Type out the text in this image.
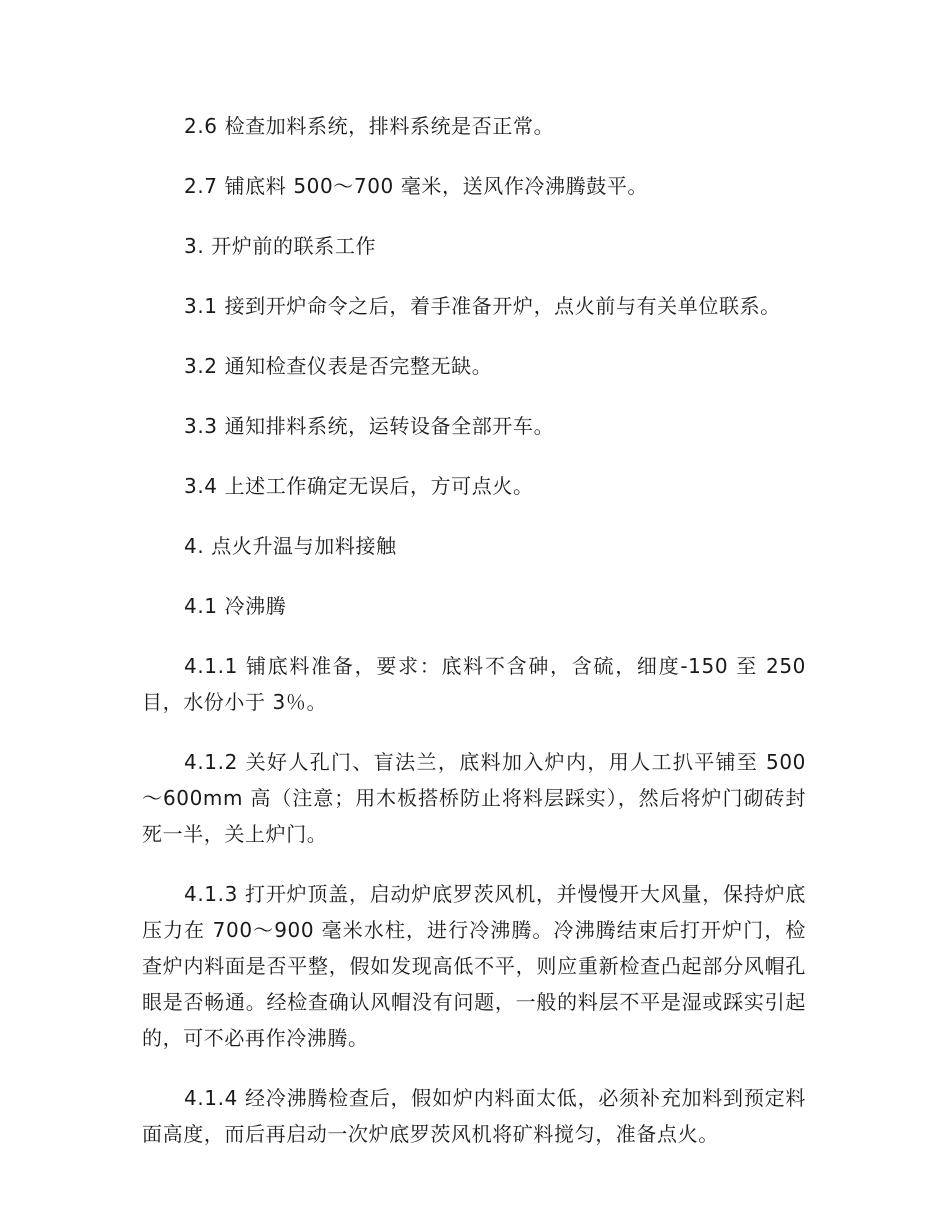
2.6 检查加料系统，排料系统是否正常。

2.7 铺底料 500～700 毫米，送风作冷沸腾鼓平。

3. 开炉前的联系工作

3.1 接到开炉命令之后，着手准备开炉，点火前与有关单位联系。

3.2 通知检查仪表是否完整无缺。

3.3 通知排料系统，运转设备全部开车。

3.4 上述工作确定无误后，方可点火。

4. 点火升温与加料接触

4.1 冷沸腾

4.1.1 铺底料准备，要求：底料不含砷，含硫，细度-150 至 250 目，水份小于 3％。

4.1.2 关好人孔门、盲法兰，底料加入炉内，用人工扒平铺至 500～600mm 高（注意；用木板搭桥防止将料层踩实），然后将炉门砌砖封死一半，关上炉门。

4.1.3 打开炉顶盖，启动炉底罗茨风机，并慢慢开大风量，保持炉底压力在 700～900 毫米水柱，进行冷沸腾。冷沸腾结束后打开炉门，检查炉内料面是否平整，假如发现高低不平，则应重新检查凸起部分风帽孔眼是否畅通。经检查确认风帽没有问题，一般的料层不平是湿或踩实引起的，可不必再作冷沸腾。

4.1.4 经冷沸腾检查后，假如炉内料面太低，必须补充加料到预定料面高度，而后再启动一次炉底罗茨风机将矿料搅匀，准备点火。
